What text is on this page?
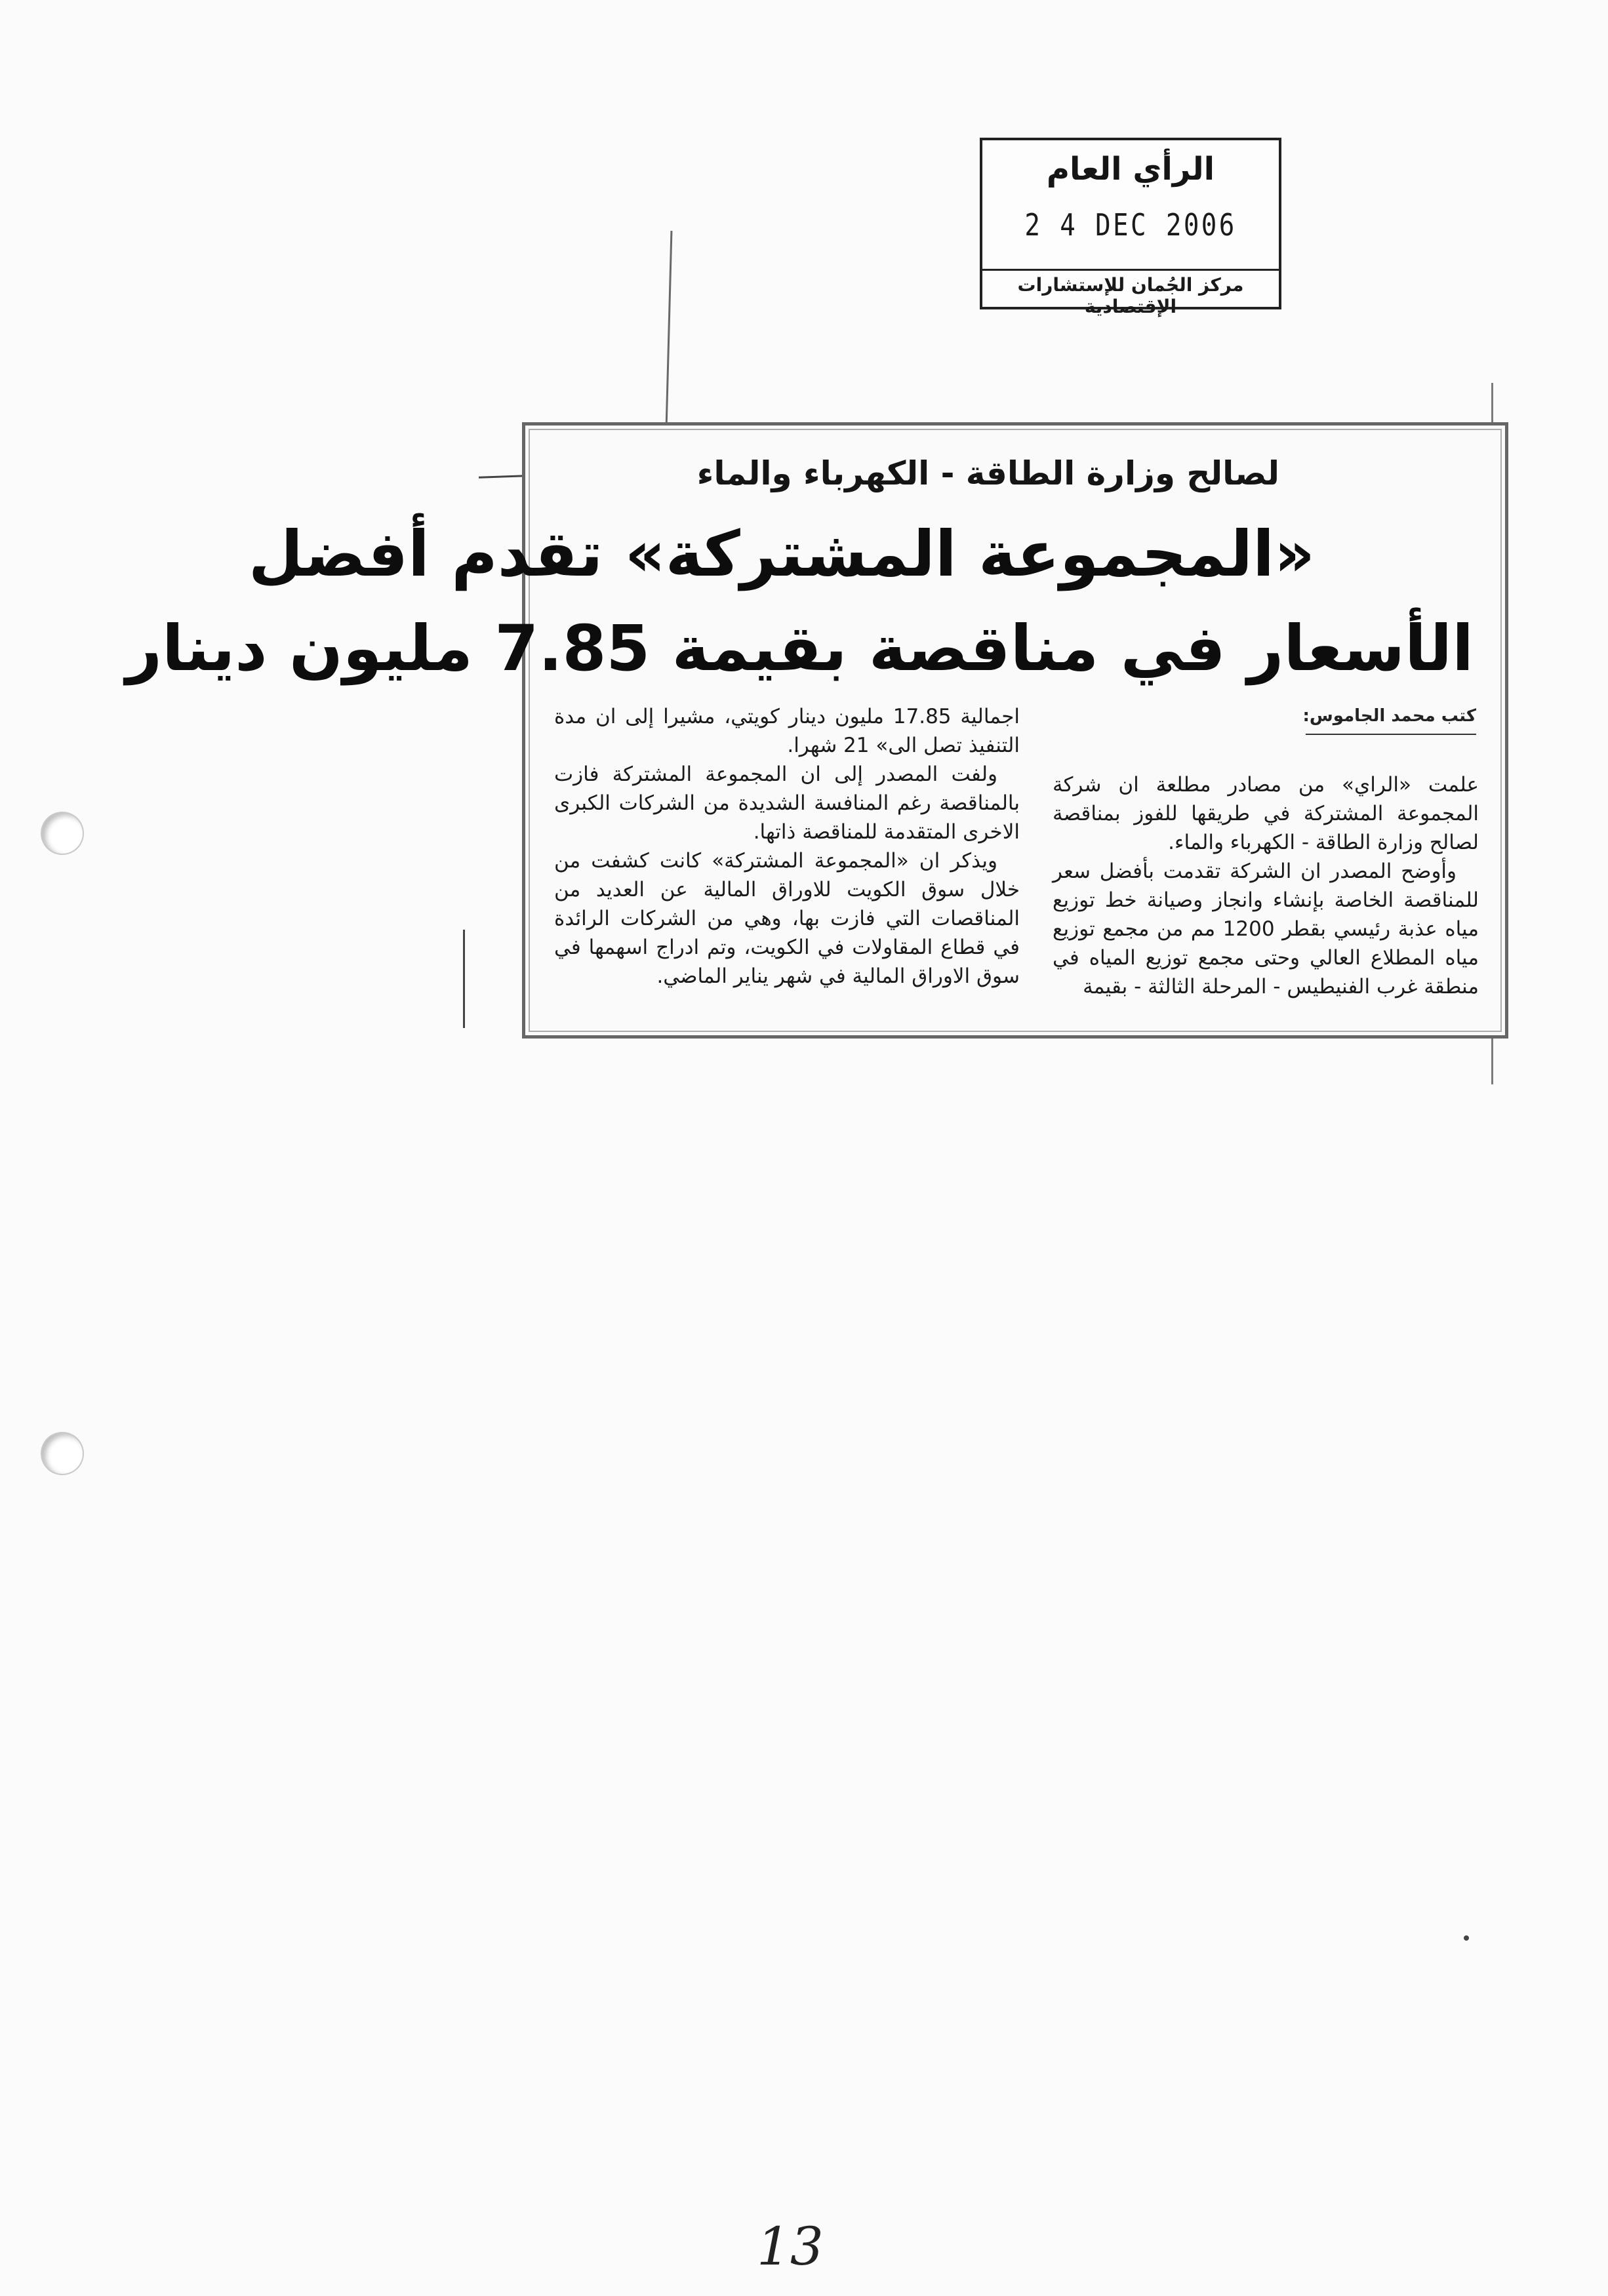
الرأي العام
2 4 DEC 2006
مركز الجُمان للإستشارات الإقتصادية
لصالح وزارة الطاقة - الكهرباء والماء
«المجموعة المشتركة» تقدم أفضل
الأسعار في مناقصة بقيمة 7.85 مليون دينار
كتب محمد الجاموس:

علمت «الراي» من مصادر مطلعة ان شركة المجموعة المشتركة في طريقها للفوز بمناقصة لصالح وزارة الطاقة - الكهرباء والماء.

وأوضح المصدر ان الشركة تقدمت بأفضل سعر للمناقصة الخاصة بإنشاء وانجاز وصيانة خط توزيع مياه عذبة رئيسي بقطر 1200 مم من مجمع توزيع مياه المطلاع العالي وحتى مجمع توزيع المياه في منطقة غرب الفنيطيس - المرحلة الثالثة - بقيمة

اجمالية 17.85 مليون دينار كويتي، مشيرا إلى ان مدة التنفيذ تصل الى» 21 شهرا.

ولفت المصدر إلى ان المجموعة المشتركة فازت بالمناقصة رغم المنافسة الشديدة من الشركات الكبرى الاخرى المتقدمة للمناقصة ذاتها.

ويذكر ان «المجموعة المشتركة» كانت كشفت من خلال سوق الكويت للاوراق المالية عن العديد من المناقصات التي فازت بها، وهي من الشركات الرائدة في قطاع المقاولات في الكويت، وتم ادراج اسهمها في سوق الاوراق المالية في شهر يناير الماضي.

13
